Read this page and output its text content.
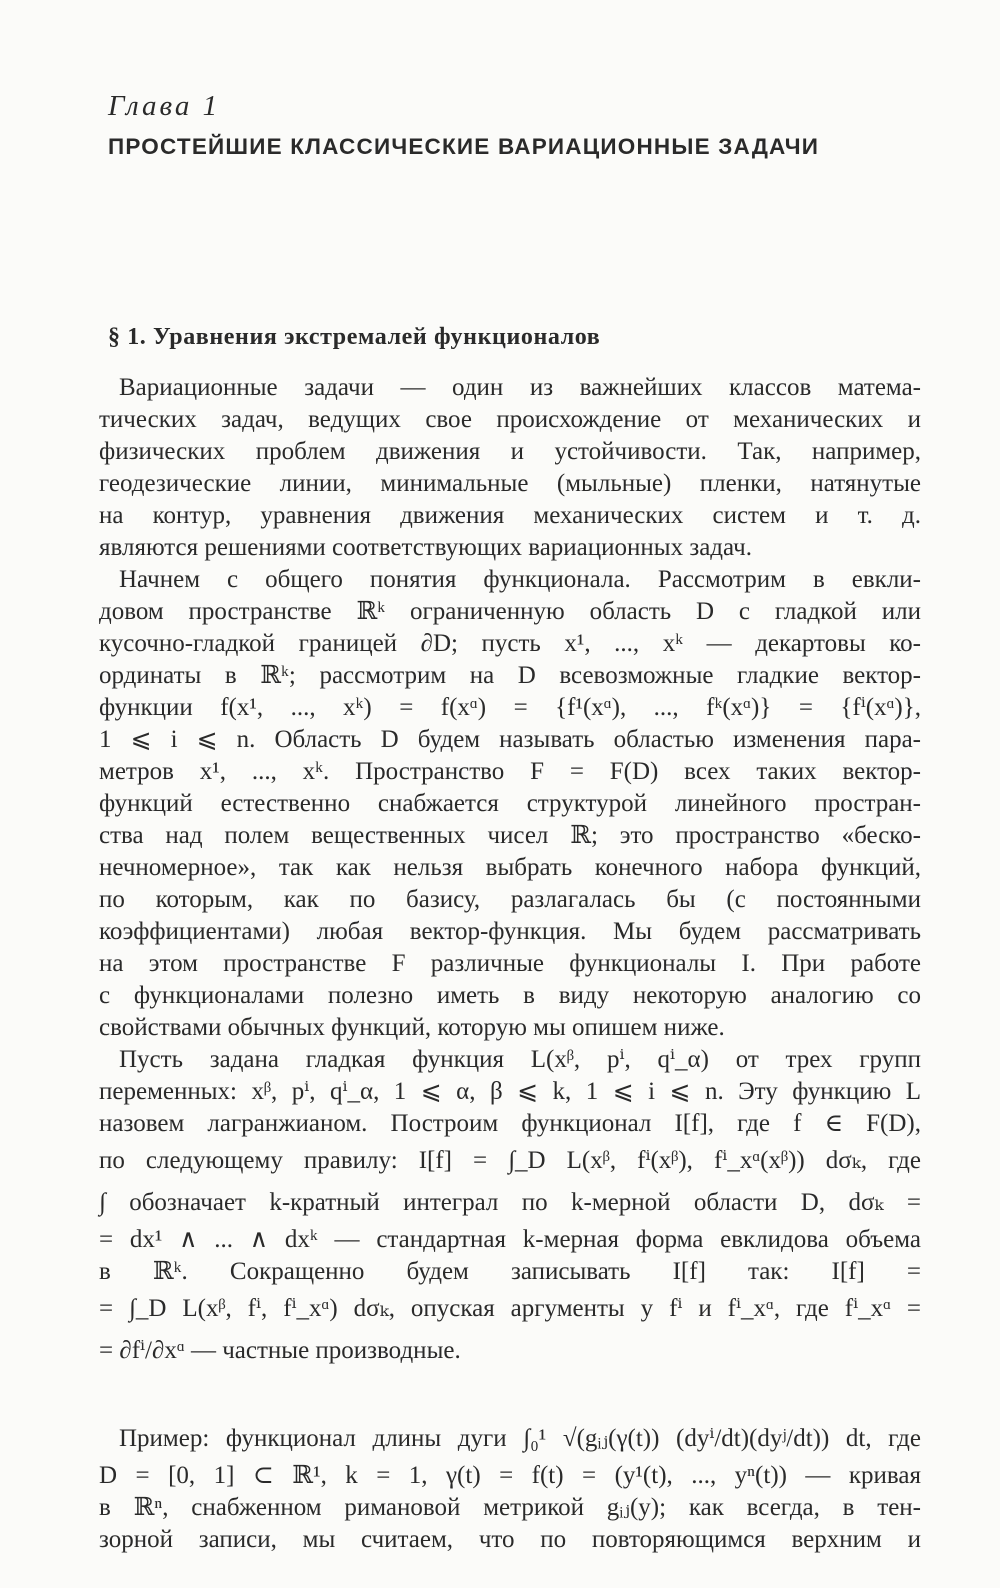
Глава 1
ПРОСТЕЙШИЕ КЛАССИЧЕСКИЕ ВАРИАЦИОННЫЕ ЗАДАЧИ
§ 1. Уравнения экстремалей функционалов
Вариационные задачи — один из важнейших классов матема-
тических задач, ведущих свое происхождение от механических и
физических проблем движения и устойчивости. Так, например,
геодезические линии, минимальные (мыльные) пленки, натянутые
на контур, уравнения движения механических систем и т. д.
являются решениями соответствующих вариационных задач.
Начнем с общего понятия функционала. Рассмотрим в евкли-
довом пространстве ℝᵏ ограниченную область D с гладкой или
кусочно-гладкой границей ∂D; пусть x¹, ..., xᵏ — декартовы ко-
ординаты в ℝᵏ; рассмотрим на D всевозможные гладкие вектор-
функции f(x¹, ..., xᵏ) = f(xᵅ) = {f¹(xᵅ), ..., fᵏ(xᵅ)} = {fⁱ(xᵅ)},
1 ⩽ i ⩽ n. Область D будем называть областью изменения пара-
метров x¹, ..., xᵏ. Пространство F = F(D) всех таких вектор-
функций естественно снабжается структурой линейного простран-
ства над полем вещественных чисел ℝ; это пространство «беско-
нечномерное», так как нельзя выбрать конечного набора функций,
по которым, как по базису, разлагалась бы (с постоянными
коэффициентами) любая вектор-функция. Мы будем рассматривать
на этом пространстве F различные функционалы I. При работе
с функционалами полезно иметь в виду некоторую аналогию со
свойствами обычных функций, которую мы опишем ниже.
Пусть задана гладкая функция L(xᵝ, pⁱ, qⁱ_α) от трех групп
переменных: xᵝ, pⁱ, qⁱ_α, 1 ⩽ α, β ⩽ k, 1 ⩽ i ⩽ n. Эту функцию L
назовем лагранжианом. Построим функционал I[f], где f ∈ F(D),
по следующему правилу: I[f] = ∫_D L(xᵝ, fⁱ(xᵝ), fⁱ_xᵅ(xᵝ)) dσₖ, где
∫ обозначает k-кратный интеграл по k-мерной области D, dσₖ =
= dx¹ ∧ ... ∧ dxᵏ — стандартная k-мерная форма евклидова объема
в ℝᵏ. Сокращенно будем записывать I[f] так: I[f] =
= ∫_D L(xᵝ, fⁱ, fⁱ_xᵅ) dσₖ, опуская аргументы у fⁱ и fⁱ_xᵅ, где fⁱ_xᵅ =
= ∂fⁱ/∂xᵅ — частные производные.
Пример: функционал длины дуги ∫₀¹ √(gᵢⱼ(γ(t)) (dyⁱ/dt)(dyʲ/dt)) dt, где
D = [0, 1] ⊂ ℝ¹, k = 1, γ(t) = f(t) = (y¹(t), ..., yⁿ(t)) — кривая
в ℝⁿ, снабженном римановой метрикой gᵢⱼ(y); как всегда, в тен-
зорной записи, мы считаем, что по повторяющимся верхним и
